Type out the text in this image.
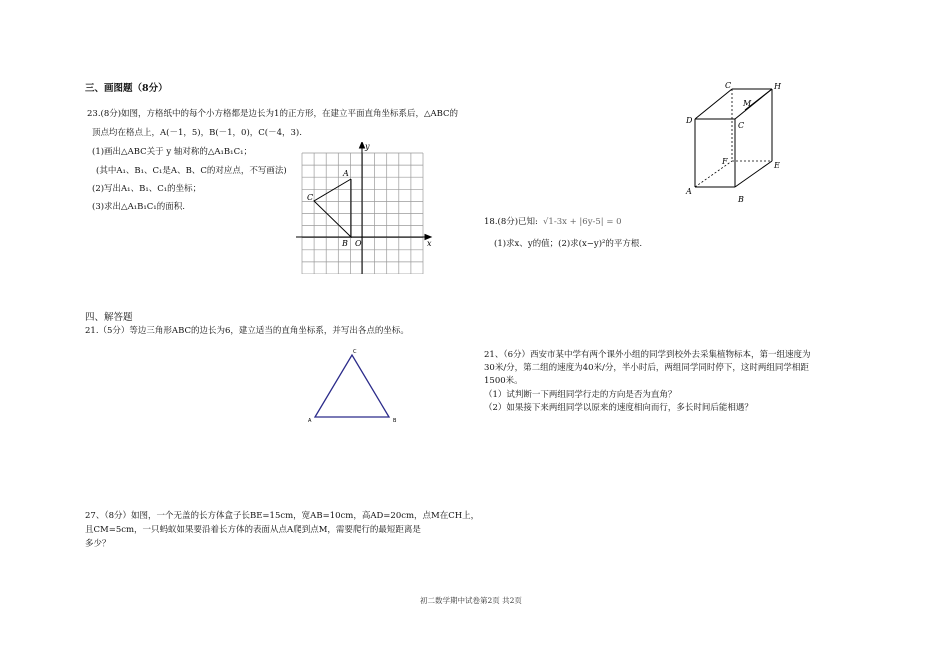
三、画图题（8分）
23.(8分)如图，方格纸中的每个小方格都是边长为1的正方形，在建立平面直角坐标系后，△ABC的
顶点均在格点上，A(－1，5)，B(－1，0)，C(－4，3).
(1)画出△ABC关于 y 轴对称的△A₁B₁C₁；
(其中A₁、B₁、C₁是A、B、C的对应点，不写画法)
(2)写出A₁、B₁、C₁的坐标；
(3)求出△A₁B₁C₁的面积.
y
x
O
A
B
C
C	H
M
D
C
F	E
A
B
18.(8分)已知: √1-3x + |6y-5| = 0
(1)求x、y的值；(2)求(x−y)²的平方根.
四、解答题
21.（5分）等边三角形ABC的边长为6，建立适当的直角坐标系，并写出各点的坐标。
A	B
C	21、（6分）西安市某中学有两个课外小组的同学到校外去采集植物标本，第一组速度为
30米/分，第二组的速度为40米/分，半小时后，两组同学同时停下，这时两组同学相距
1500米。
（1）试判断一下两组同学行走的方向是否为直角？
（2）如果接下来两组同学以原来的速度相向而行，多长时间后能相遇？
27、（8分）如图，一个无盖的长方体盒子长BE=15cm，宽AB=10cm，高AD=20cm，点M在CH上，
且CM=5cm，一只蚂蚁如果要沿着长方体的表面从点A爬到点M，需要爬行的最短距离是
多少？
初二数学期中试卷第2页 共2页
